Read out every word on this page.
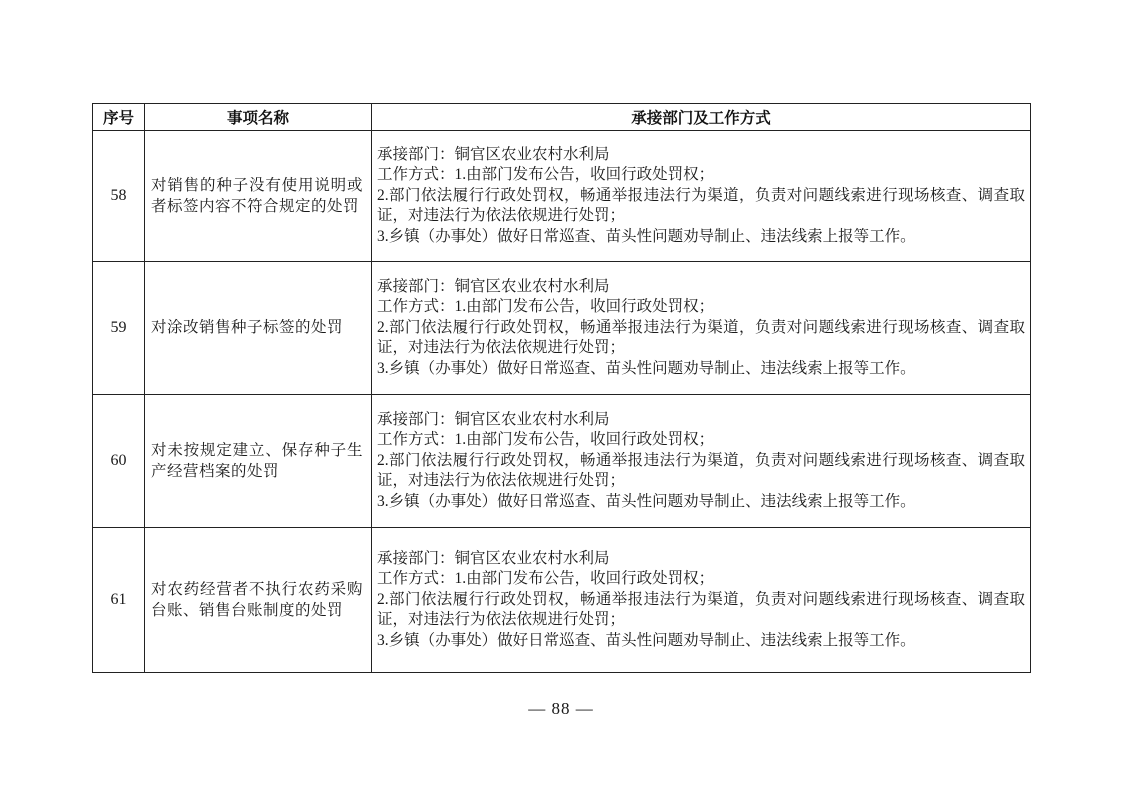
序号	事项名称	承接部门及工作方式
58	对销售的种子没有使用说明或者标签内容不符合规定的处罚	承接部门：铜官区农业农村水利局
工作方式：1.由部门发布公告，收回行政处罚权；
2.部门依法履行行政处罚权，畅通举报违法行为渠道，负责对问题线索进行现场核查、调查取证，对违法行为依法依规进行处罚；
3.乡镇（办事处）做好日常巡查、苗头性问题劝导制止、违法线索上报等工作。

59	对涂改销售种子标签的处罚	承接部门：铜官区农业农村水利局
工作方式：1.由部门发布公告，收回行政处罚权；
2.部门依法履行行政处罚权，畅通举报违法行为渠道，负责对问题线索进行现场核查、调查取证，对违法行为依法依规进行处罚；
3.乡镇（办事处）做好日常巡查、苗头性问题劝导制止、违法线索上报等工作。

60	对未按规定建立、保存种子生产经营档案的处罚	承接部门：铜官区农业农村水利局
工作方式：1.由部门发布公告，收回行政处罚权；
2.部门依法履行行政处罚权，畅通举报违法行为渠道，负责对问题线索进行现场核查、调查取证，对违法行为依法依规进行处罚；
3.乡镇（办事处）做好日常巡查、苗头性问题劝导制止、违法线索上报等工作。

61	对农药经营者不执行农药采购台账、销售台账制度的处罚	承接部门：铜官区农业农村水利局
工作方式：1.由部门发布公告，收回行政处罚权；
2.部门依法履行行政处罚权，畅通举报违法行为渠道，负责对问题线索进行现场核查、调查取证，对违法行为依法依规进行处罚；
3.乡镇（办事处）做好日常巡查、苗头性问题劝导制止、违法线索上报等工作。
— 88 —
